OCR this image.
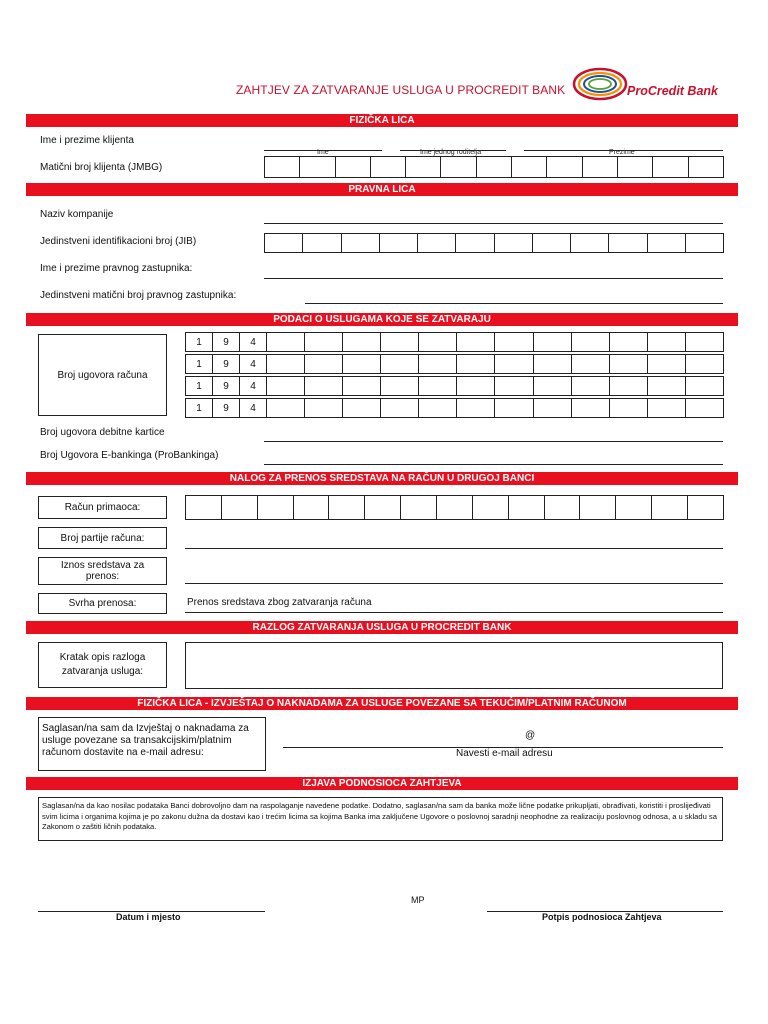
ZAHTJEV ZA ZATVARANJE USLUGA U PROCREDIT BANK	ProCredit Bank
FIZIČKA LICA
Ime i prezime klijenta
Ime	Ime jednog roditelja	Prezime
Matični broj klijenta (JMBG)
PRAVNA LICA
Naziv kompanije
Jedinstveni identifikacioni broj (JIB)
Ime i prezime pravnog zastupnika:
Jedinstveni matični broj pravnog zastupnika:
PODACI O USLUGAMA KOJE SE ZATVARAJU
Broj ugovora računa
1	9	4
1	9	4
1	9	4
1	9	4
Broj ugovora debitne kartice
Broj Ugovora E-bankinga (ProBankinga)
NALOG ZA PRENOS SREDSTAVA NA RAČUN U DRUGOJ BANCI
Račun primaoca:
Broj partije računa:
Iznos sredstava za prenos:
Svrha prenosa:	Prenos sredstava zbog zatvaranja računa
RAZLOG ZATVARANJA USLUGA U PROCREDIT BANK
Kratak opis razloga zatvaranja usluga:
FIZIČKA LICA - IZVJEŠTAJ O NAKNADAMA ZA USLUGE POVEZANE SA TEKUĆIM/PLATNIM RAČUNOM
Saglasan/na sam da Izvještaj o naknadama za usluge povezane sa transakcijskim/platnim računom dostavite na e-mail adresu:
@
Navesti e-mail adresu
IZJAVA PODNOSIOCA ZAHTJEVA
Saglasan/na da kao nosilac podataka Banci dobrovoljno dam na raspolaganje navedene podatke. Dodatno, saglasan/na sam da banka može lične podatke prikupljati, obrađivati, koristiti i proslijeđivati svim licima i organima kojima je po zakonu dužna da dostavi kao i trećim licima sa kojima Banka ima zaključene Ugovore o poslovnoj saradnji neophodne za realizaciju poslovnog odnosa, a u skladu sa Zakonom o zaštiti ličnih podataka.
MP
Datum i mjesto	Potpis podnosioca Zahtjeva
